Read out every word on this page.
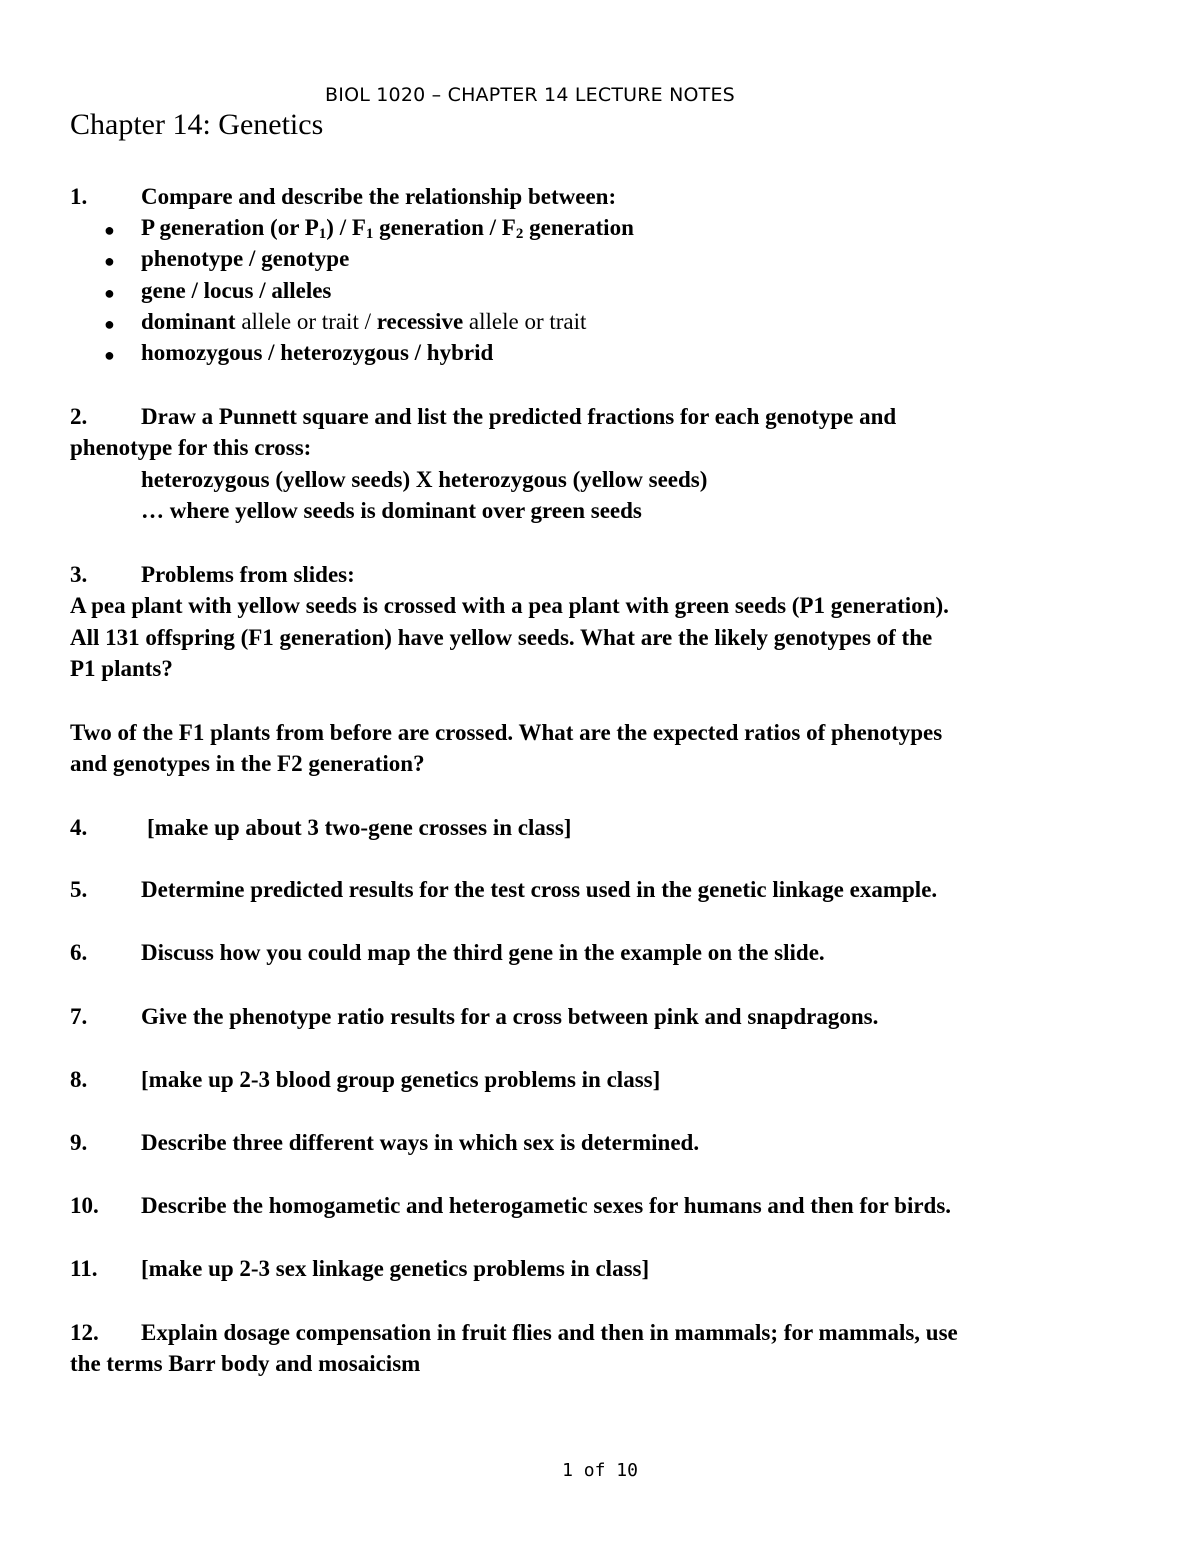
BIOL 1020 – CHAPTER 14 LECTURE NOTES
Chapter 14: Genetics
1. Compare and describe the relationship between:
● P generation (or $P_1) / F_1$ generation / $F_2$ generation
● phenotype / genotype
● gene / locus / alleles
● dominant allele or trait / recessive allele or trait
● homozygous / heterozygous / hybrid
2. Draw a Punnett square and list the predicted fractions for each genotype and
phenotype for this cross:
heterozygous (yellow seeds) X heterozygous (yellow seeds)
… where yellow seeds is dominant over green seeds
3. Problems from slides:
A pea plant with yellow seeds is crossed with a pea plant with green seeds (P1 generation).
All 131 offspring (F1 generation) have yellow seeds. What are the likely genotypes of the
P1 plants?
Two of the F1 plants from before are crossed. What are the expected ratios of phenotypes
and genotypes in the F2 generation?
4.	[make up about 3 two-gene crosses in class]
5. Determine predicted results for the test cross used in the genetic linkage example.
6. Discuss how you could map the third gene in the example on the slide.
7. Give the phenotype ratio results for a cross between pink and snapdragons.
8. [make up 2-3 blood group genetics problems in class]
9. Describe three different ways in which sex is determined.
10. Describe the homogametic and heterogametic sexes for humans and then for birds.
11. [make up 2-3 sex linkage genetics problems in class]
12. Explain dosage compensation in fruit flies and then in mammals; for mammals, use
the terms Barr body and mosaicism
1 of 10
